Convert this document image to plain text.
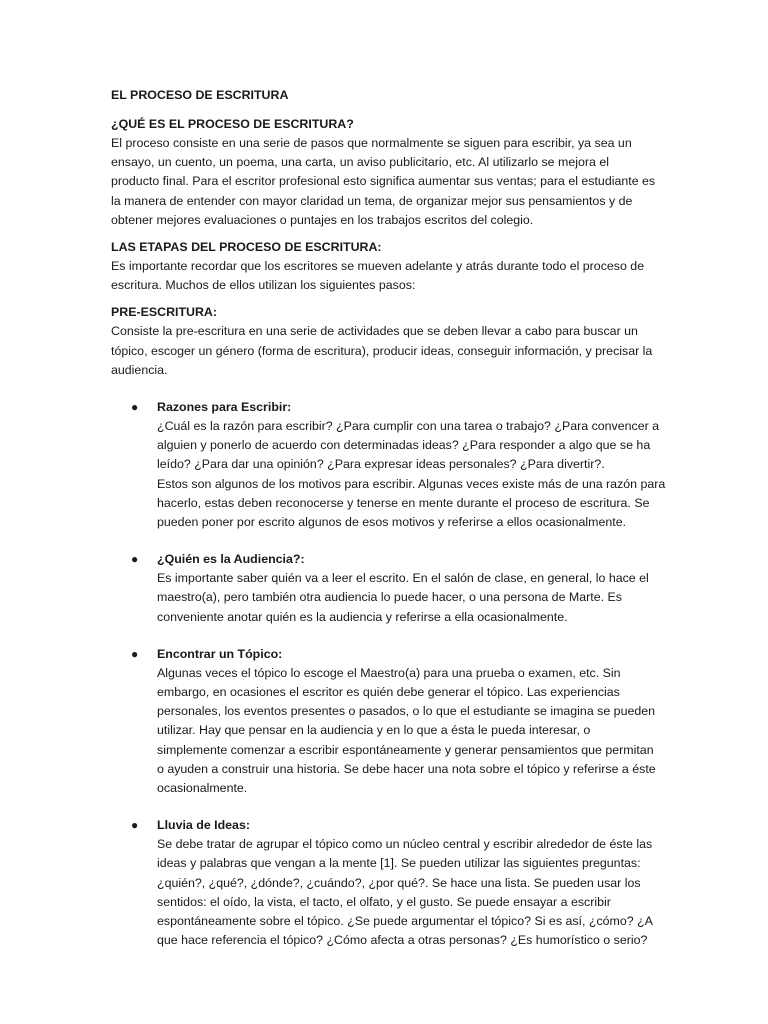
EL PROCESO DE ESCRITURA
¿QUÉ ES EL PROCESO DE ESCRITURA?
El proceso consiste en una serie de pasos que normalmente se siguen para escribir, ya sea un
ensayo, un cuento, un poema, una carta, un aviso publicitario, etc. Al utilizarlo se mejora el
producto final. Para el escritor profesional esto significa aumentar sus ventas; para el estudiante es
la manera de entender con mayor claridad un tema, de organizar mejor sus pensamientos y de
obtener mejores evaluaciones o puntajes en los trabajos escritos del colegio.
LAS ETAPAS DEL PROCESO DE ESCRITURA:
Es importante recordar que los escritores se mueven adelante y atrás durante todo el proceso de
escritura. Muchos de ellos utilizan los siguientes pasos:
PRE-ESCRITURA:
Consiste la pre-escritura en una serie de actividades que se deben llevar a cabo para buscar un
tópico, escoger un género (forma de escritura), producir ideas, conseguir información, y precisar la
audiencia.
● Razones para Escribir:
¿Cuál es la razón para escribir? ¿Para cumplir con una tarea o trabajo? ¿Para convencer a
alguien y ponerlo de acuerdo con determinadas ideas? ¿Para responder a algo que se ha
leído? ¿Para dar una opinión? ¿Para expresar ideas personales? ¿Para divertir?.
Estos son algunos de los motivos para escribir. Algunas veces existe más de una razón para
hacerlo, estas deben reconocerse y tenerse en mente durante el proceso de escritura. Se
pueden poner por escrito algunos de esos motivos y referirse a ellos ocasionalmente.
● ¿Quién es la Audiencia?:
Es importante saber quién va a leer el escrito. En el salón de clase, en general, lo hace el
maestro(a), pero también otra audiencia lo puede hacer, o una persona de Marte. Es
conveniente anotar quién es la audiencia y referirse a ella ocasionalmente.
● Encontrar un Tópico:
Algunas veces el tópico lo escoge el Maestro(a) para una prueba o examen, etc. Sin
embargo, en ocasiones el escritor es quién debe generar el tópico. Las experiencias
personales, los eventos presentes o pasados, o lo que el estudiante se imagina se pueden
utilizar. Hay que pensar en la audiencia y en lo que a ésta le pueda interesar, o
simplemente comenzar a escribir espontáneamente y generar pensamientos que permitan
o ayuden a construir una historia. Se debe hacer una nota sobre el tópico y referirse a éste
ocasionalmente.
● Lluvia de Ideas:
Se debe tratar de agrupar el tópico como un núcleo central y escribir alrededor de éste las
ideas y palabras que vengan a la mente [1]. Se pueden utilizar las siguientes preguntas:
¿quién?, ¿qué?, ¿dónde?, ¿cuándo?, ¿por qué?. Se hace una lista. Se pueden usar los
sentidos: el oído, la vista, el tacto, el olfato, y el gusto. Se puede ensayar a escribir
espontáneamente sobre el tópico. ¿Se puede argumentar el tópico? Si es así, ¿cómo? ¿A
que hace referencia el tópico? ¿Cómo afecta a otras personas? ¿Es humorístico o serio?
